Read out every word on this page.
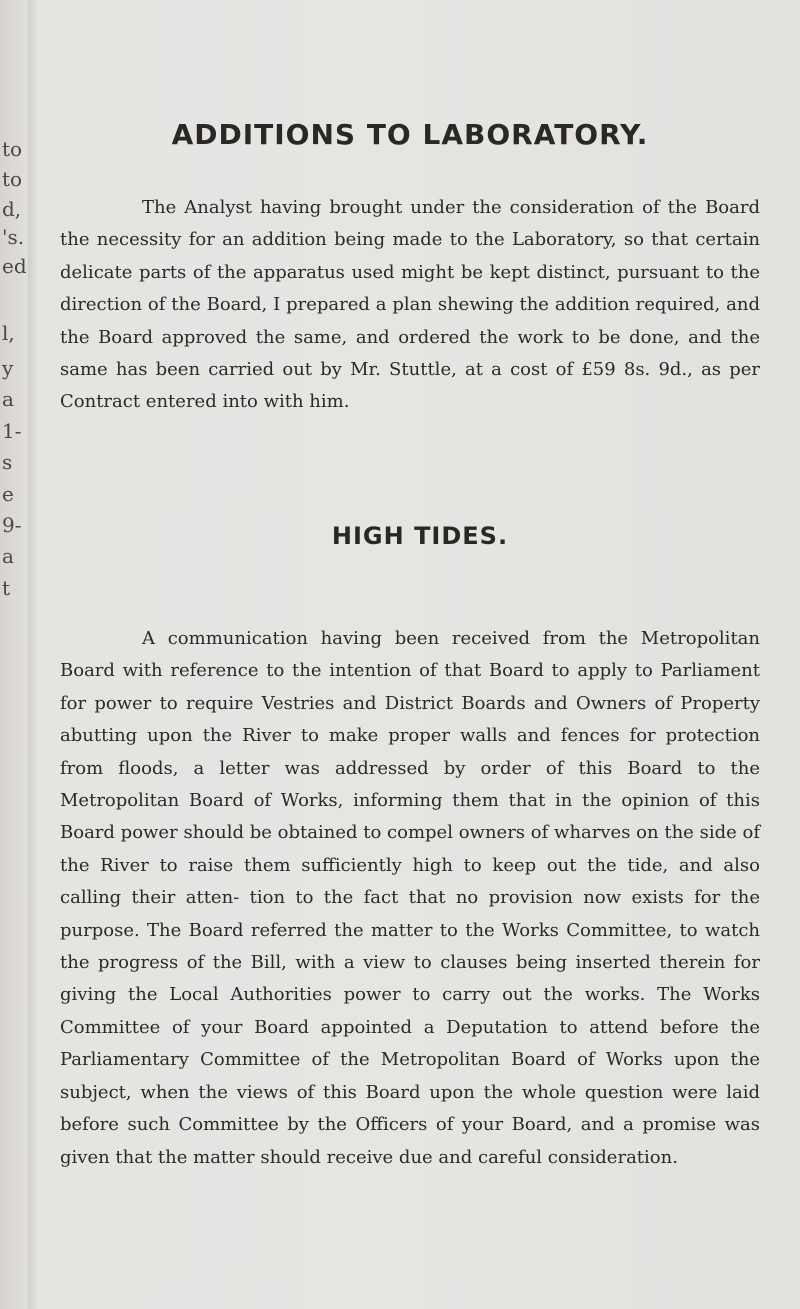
to
to
d,
's.
ed
l,
y
a
1-
s
e
9-
a
t
ADDITIONS TO LABORATORY.

The Analyst having brought under the consideration of the Board the necessity for an addition being made to the Laboratory, so that certain delicate parts of the apparatus used might be kept distinct, pursuant to the direction of the Board, I prepared a plan shewing the addition required, and the Board approved the same, and ordered the work to be done, and the same has been carried out by Mr. Stuttle, at a cost of £59 8s. 9d., as per Contract entered into with him.

HIGH TIDES.

A communication having been received from the Metropolitan Board with reference to the intention of that Board to apply to Parliament for power to require Vestries and District Boards and Owners of Property abutting upon the River to make proper walls and fences for protection from floods, a letter was addressed by order of this Board to the Metropolitan Board of Works, informing them that in the opinion of this Board power should be obtained to compel owners of wharves on the side of the River to raise them sufficiently high to keep out the tide, and also calling their atten- tion to the fact that no provision now exists for the purpose. The Board referred the matter to the Works Committee, to watch the progress of the Bill, with a view to clauses being inserted therein for giving the Local Authorities power to carry out the works. The Works Committee of your Board appointed a Deputation to attend before the Parliamentary Committee of the Metropolitan Board of Works upon the subject, when the views of this Board upon the whole question were laid before such Committee by the Officers of your Board, and a promise was given that the matter should receive due and careful consideration.
